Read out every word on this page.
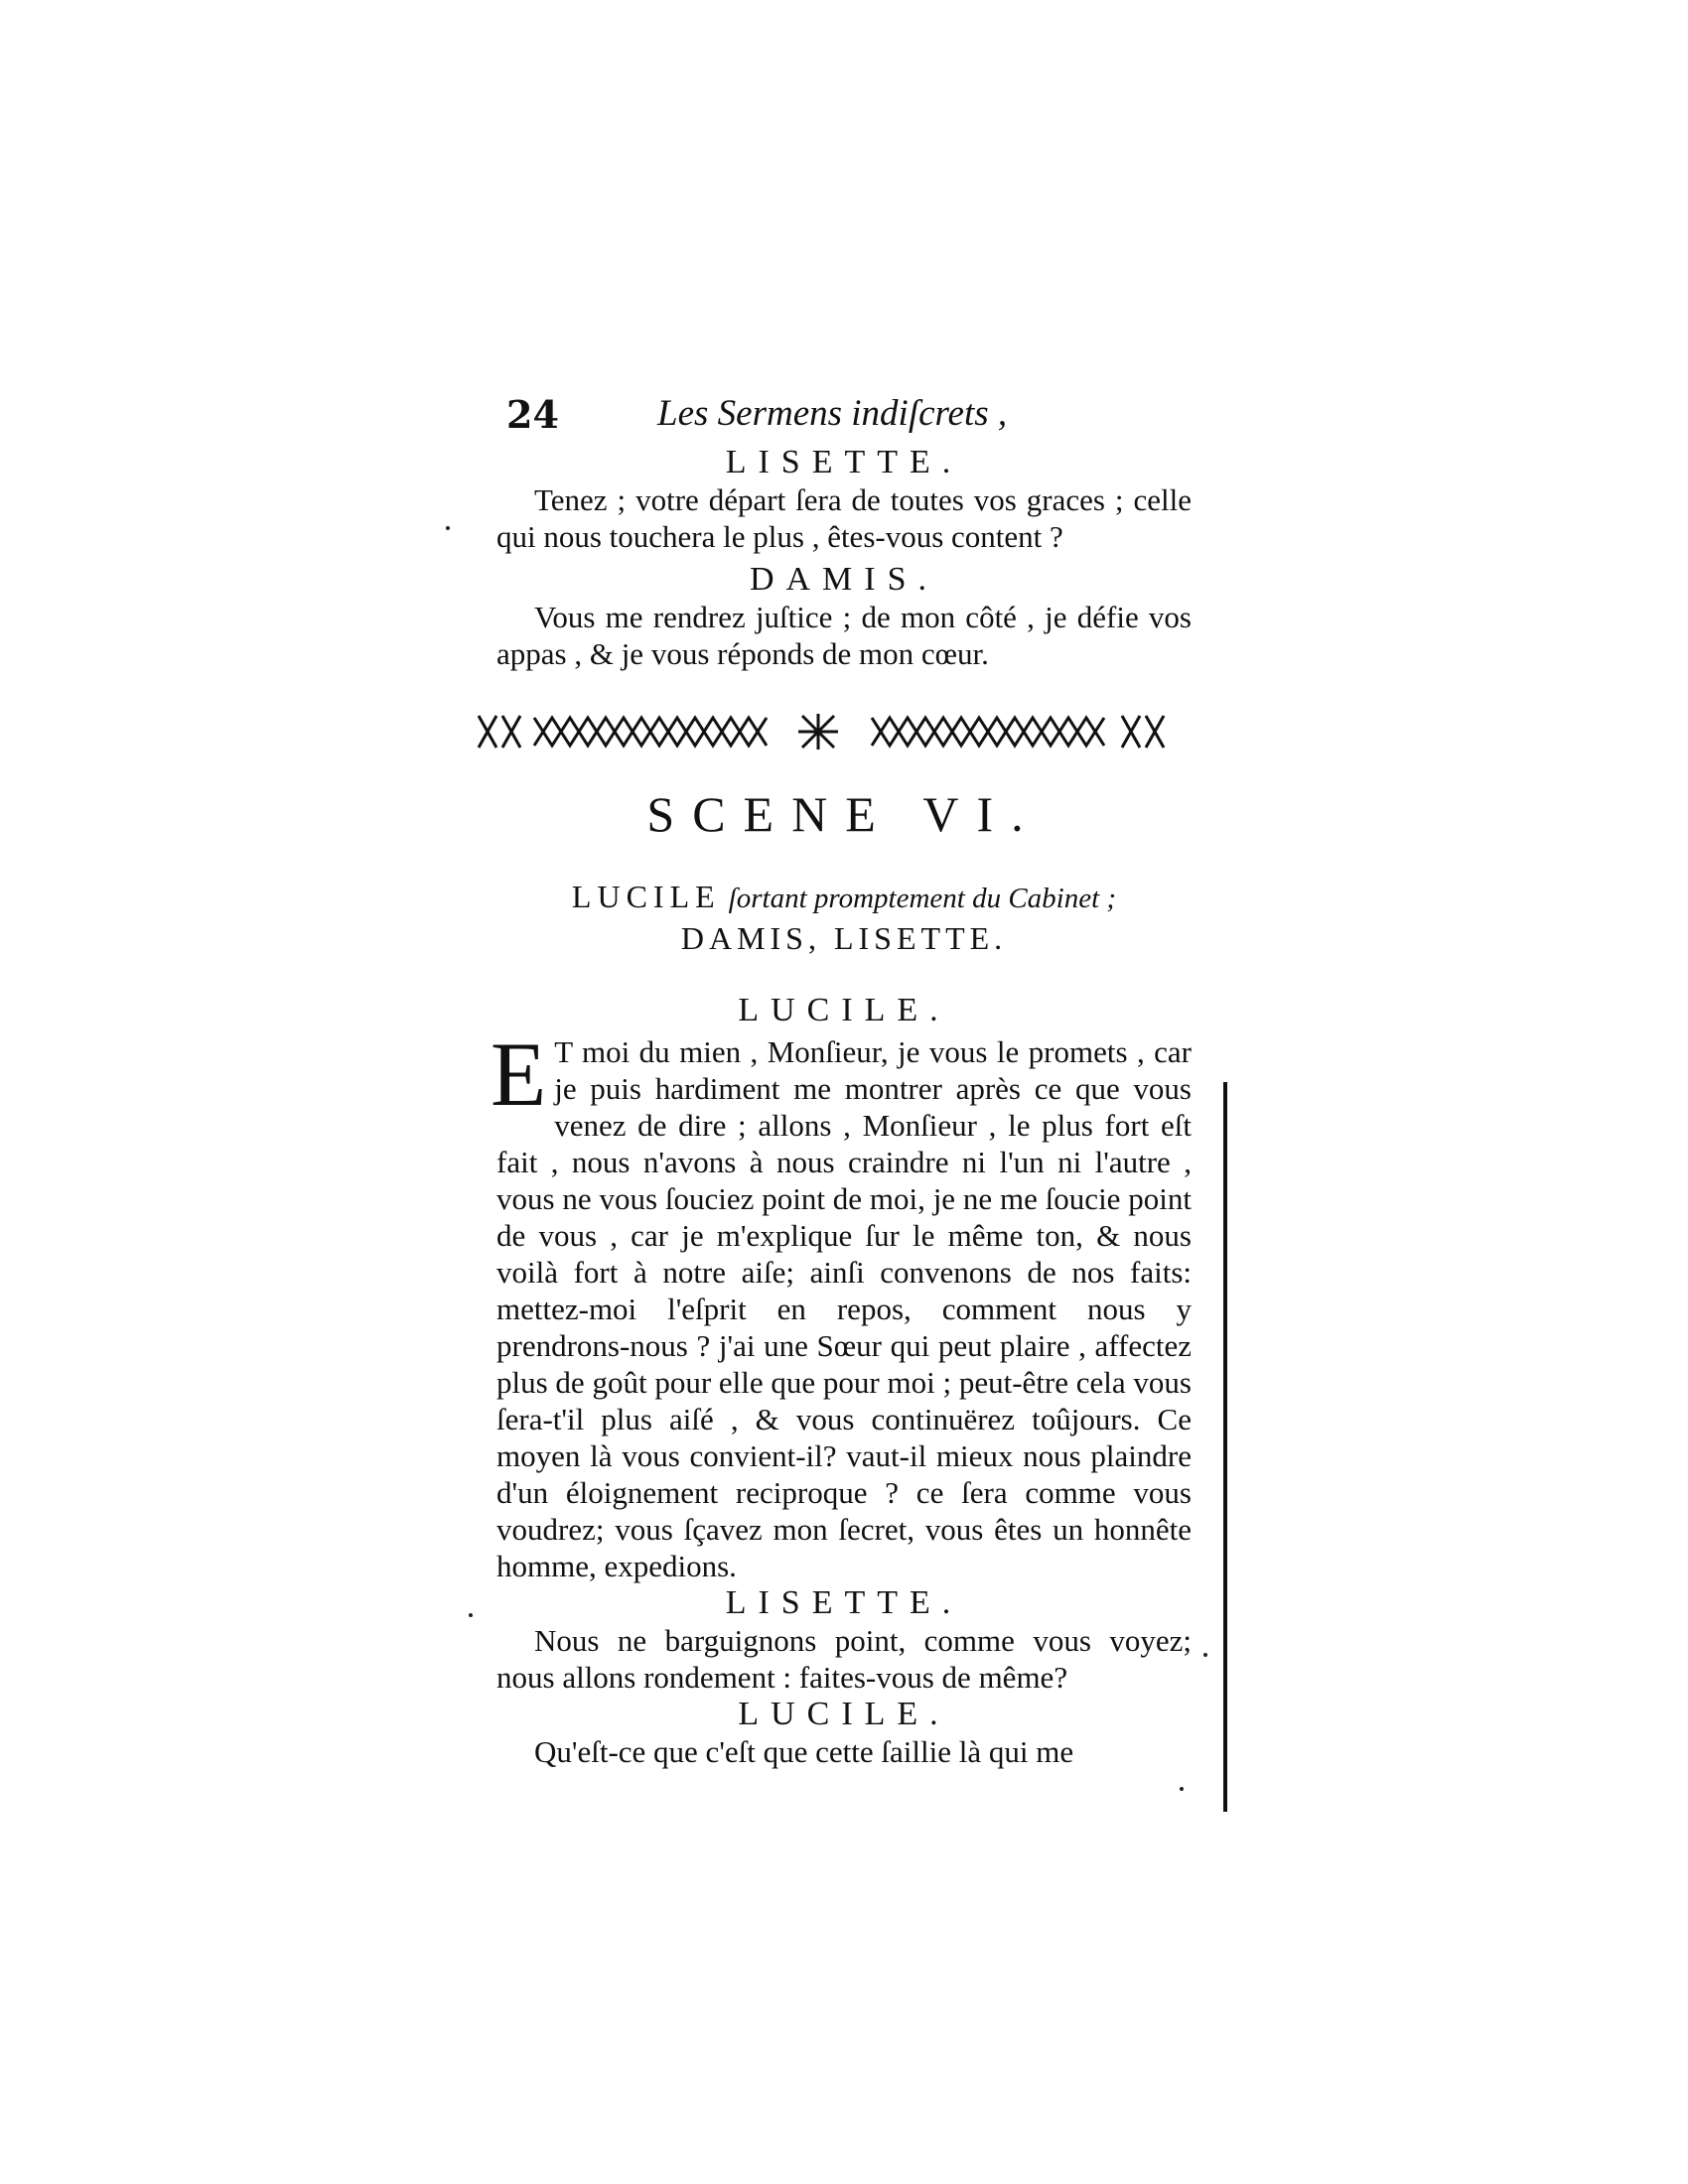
24	Les Sermens indiſcrets ,

LISETTE.

Tenez ; votre départ ſera de toutes vos graces ; celle qui nous touchera le plus , êtes-vous content ?

DAMIS.

Vous me rendrez juſtice ; de mon côté , je défie vos appas , & je vous réponds de mon cœur.

SCENE VI.

LUCILE ſortant promptement du Cabinet ;

DAMIS, LISETTE.

LUCILE.

E T moi du mien , Monſieur, je vous le promets , car je puis hardiment me montrer après ce que vous venez de dire ; allons , Monſieur , le plus fort eſt fait , nous n'avons à nous craindre ni l'un ni l'autre , vous ne vous ſouciez point de moi, je ne me ſoucie point de vous , car je m'explique ſur le même ton, & nous voilà fort à notre aiſe; ainſi convenons de nos faits: mettez-moi l'eſprit en repos, comment nous y prendrons-nous ? j'ai une Sœur qui peut plaire , affectez plus de goût pour elle que pour moi ; peut-être cela vous ſera-t'il plus aiſé , & vous continuërez toûjours. Ce moyen là vous convient-il? vaut-il mieux nous plaindre d'un éloignement reciproque ? ce ſera comme vous voudrez; vous ſçavez mon ſecret, vous êtes un honnête homme, expedions.

LISETTE.

Nous ne barguignons point, comme vous voyez; nous allons rondement : faites-vous de même?

LUCILE.

Qu'eſt-ce que c'eſt que cette ſaillie là qui me
